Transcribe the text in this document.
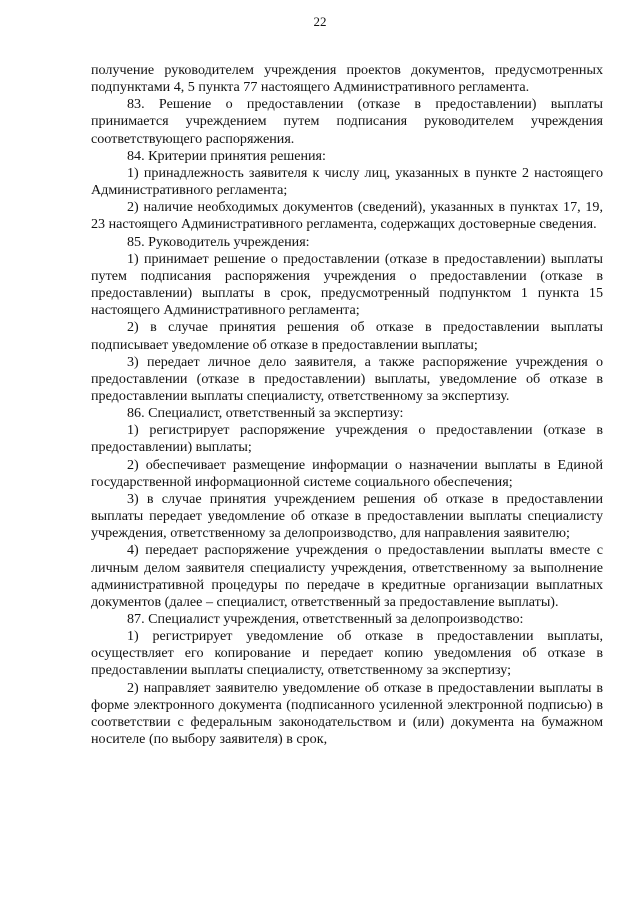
22

получение руководителем учреждения проектов документов, предусмотренных подпунктами 4, 5 пункта 77 настоящего Административного регламента.

83. Решение о предоставлении (отказе в предоставлении) выплаты принимается учреждением путем подписания руководителем учреждения соответствующего распоряжения.

84. Критерии принятия решения:

1) принадлежность заявителя к числу лиц, указанных в пункте 2 настоящего Административного регламента;

2) наличие необходимых документов (сведений), указанных в пунктах 17, 19, 23 настоящего Административного регламента, содержащих достоверные сведения.

85. Руководитель учреждения:

1) принимает решение о предоставлении (отказе в предоставлении) выплаты путем подписания распоряжения учреждения о предоставлении (отказе в предоставлении) выплаты в срок, предусмотренный подпунктом 1 пункта 15 настоящего Административного регламента;

2) в случае принятия решения об отказе в предоставлении выплаты подписывает уведомление об отказе в предоставлении выплаты;

3) передает личное дело заявителя, а также распоряжение учреждения о предоставлении (отказе в предоставлении) выплаты, уведомление об отказе в предоставлении выплаты специалисту, ответственному за экспертизу.

86. Специалист, ответственный за экспертизу:

1) регистрирует распоряжение учреждения о предоставлении (отказе в предоставлении) выплаты;

2) обеспечивает размещение информации о назначении выплаты в Единой государственной информационной системе социального обеспечения;

3) в случае принятия учреждением решения об отказе в предоставлении выплаты передает уведомление об отказе в предоставлении выплаты специалисту учреждения, ответственному за делопроизводство, для направления заявителю;

4) передает распоряжение учреждения о предоставлении выплаты вместе с личным делом заявителя специалисту учреждения, ответственному за выполнение административной процедуры по передаче в кредитные организации выплатных документов (далее – специалист, ответственный за предоставление выплаты).

87. Специалист учреждения, ответственный за делопроизводство:

1) регистрирует уведомление об отказе в предоставлении выплаты, осуществляет его копирование и передает копию уведомления об отказе в предоставлении выплаты специалисту, ответственному за экспертизу;

2) направляет заявителю уведомление об отказе в предоставлении выплаты в форме электронного документа (подписанного усиленной электронной подписью) в соответствии с федеральным законодательством и (или) документа на бумажном носителе (по выбору заявителя) в срок,
